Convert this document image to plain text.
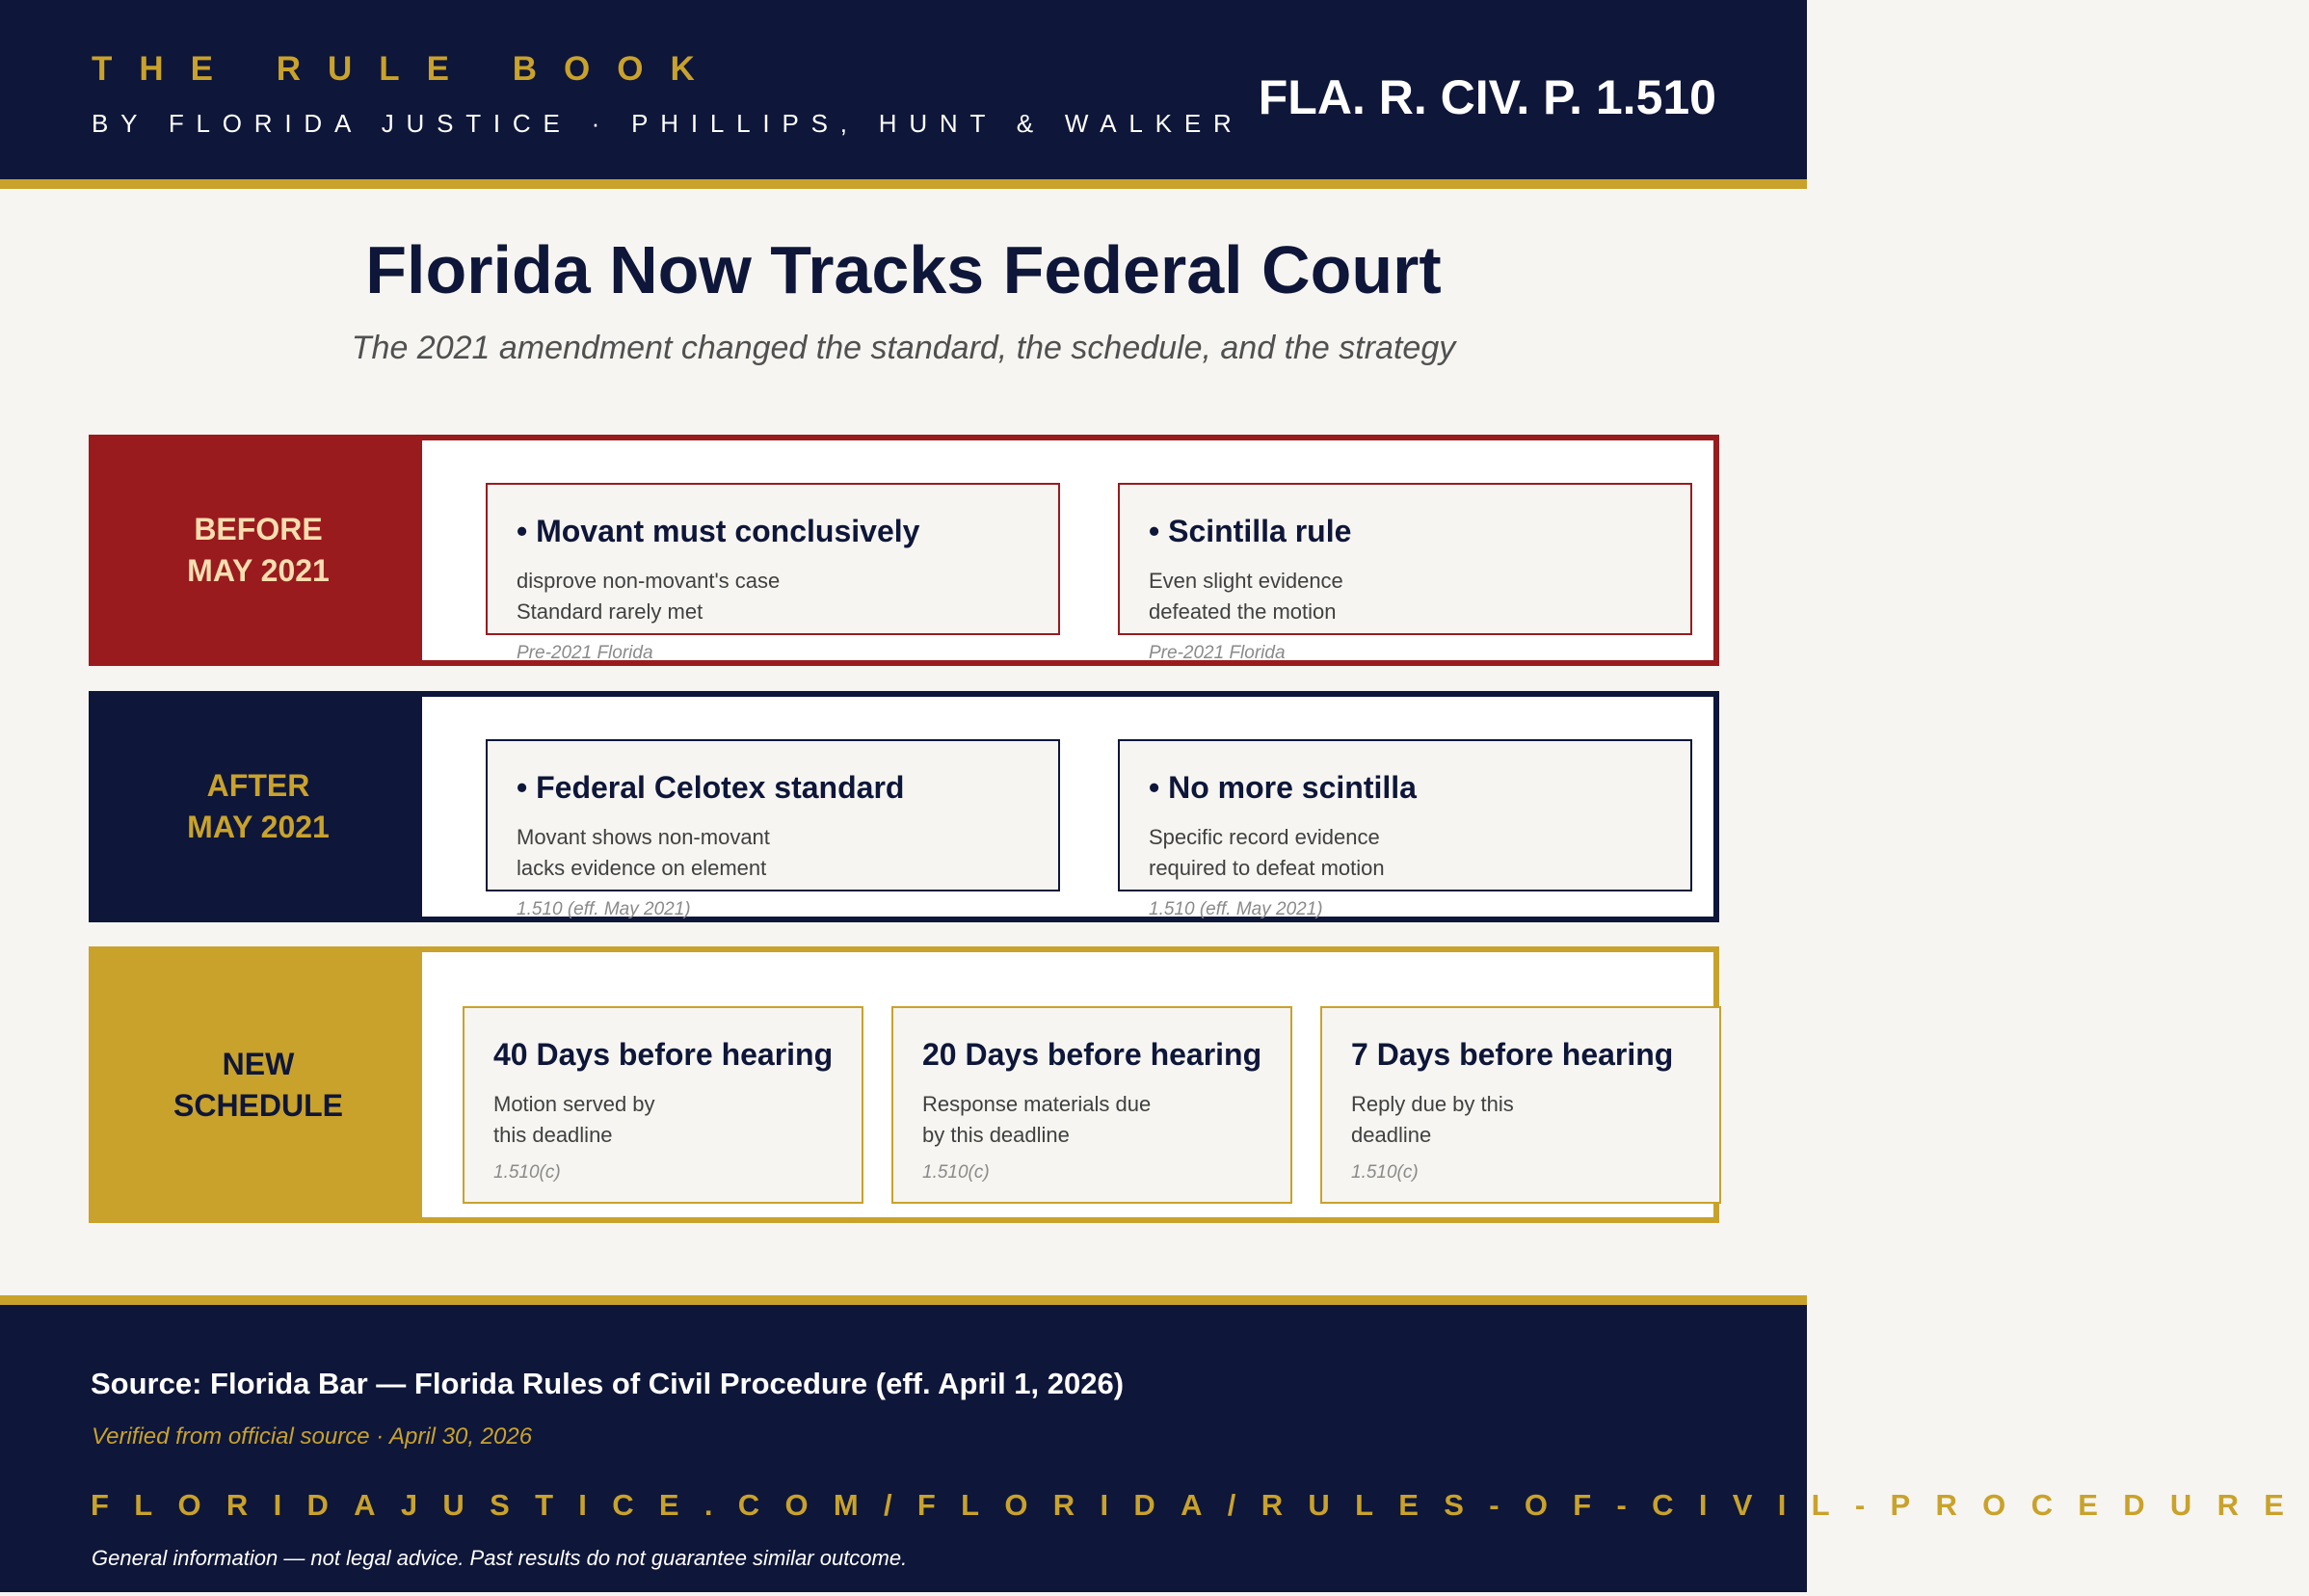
THE RULE BOOK
BY FLORIDA JUSTICE · PHILLIPS, HUNT & WALKER FLA. R. CIV. P. 1.510
Florida Now Tracks Federal Court
The 2021 amendment changed the standard, the schedule, and the strategy
BEFORE
MAY 2021
• Movant must conclusively
disprove non-movant's case
Standard rarely met
Pre-2021 Florida
• Scintilla rule
Even slight evidence
defeated the motion
Pre-2021 Florida
AFTER
MAY 2021
• Federal Celotex standard
Movant shows non-movant
lacks evidence on element
1.510 (eff. May 2021)
• No more scintilla
Specific record evidence
required to defeat motion
1.510 (eff. May 2021)
NEW
SCHEDULE
40 Days before hearing
Motion served by
this deadline
1.510(c)
20 Days before hearing
Response materials due
by this deadline
1.510(c)
7 Days before hearing
Reply due by this
deadline
1.510(c)
Source: Florida Bar — Florida Rules of Civil Procedure (eff. April 1, 2026)
Verified from official source · April 30, 2026
FLORIDAJUSTICE.COM/FLORIDA/RULES-OF-CIVIL-PROCEDURE
General information — not legal advice. Past results do not guarantee similar outcome.
